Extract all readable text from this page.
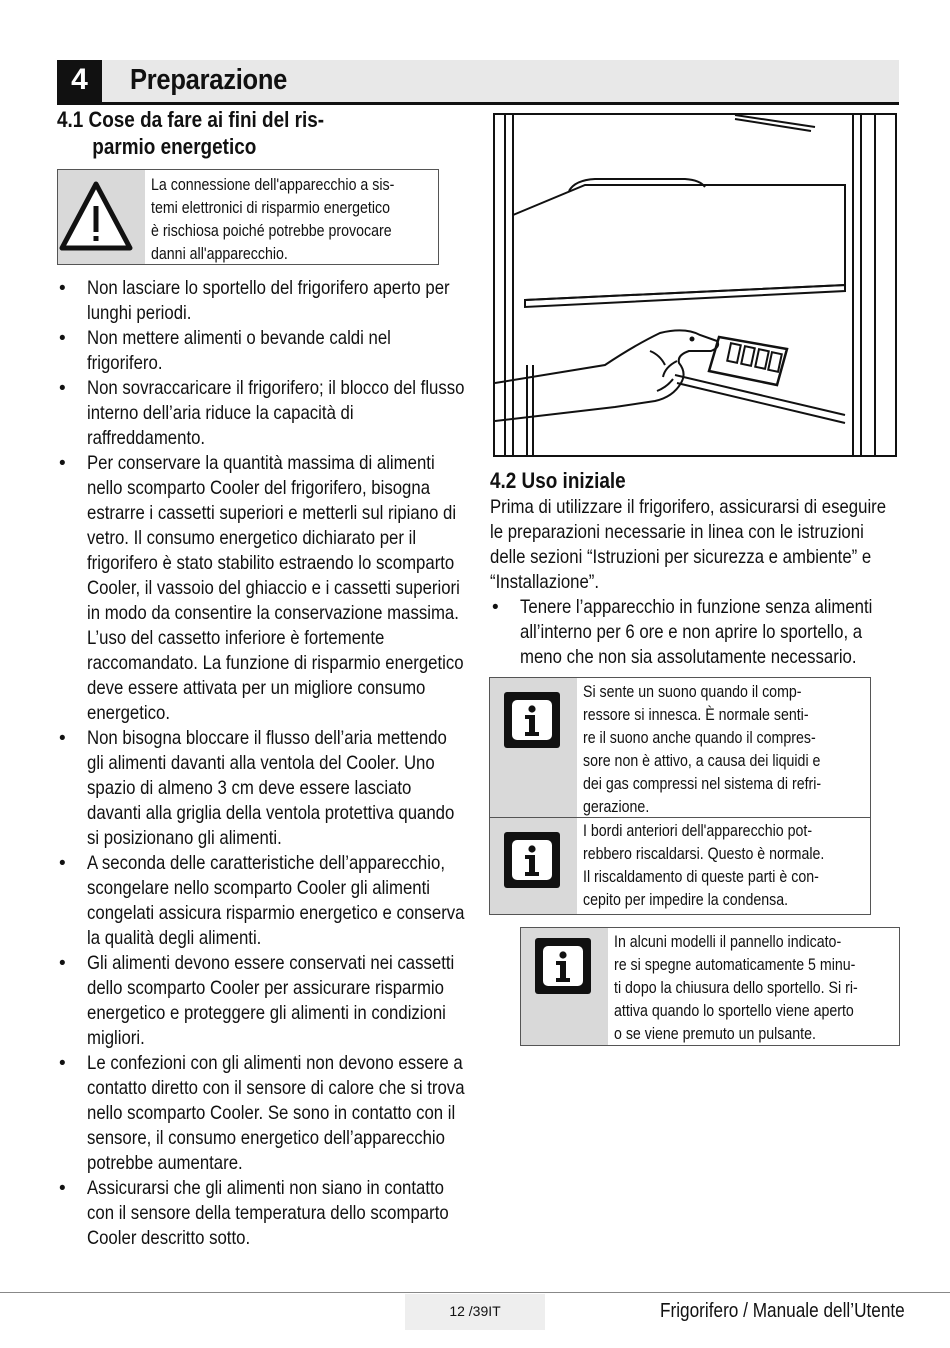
4	Preparazione
4.1 Cose da fare ai fini del ris-
parmio energetico
La connessione dell'apparecchio a sis-
temi elettronici di risparmio energetico
è rischiosa poiché potrebbe provocare
danni all'apparecchio.
• Non lasciare lo sportello del frigorifero aperto per lunghi periodi.
• Non mettere alimenti o bevande caldi nel frigorifero.
• Non sovraccaricare il frigorifero; il blocco del flusso interno dell’aria riduce la capacità di raffreddamento.
• Per conservare la quantità massima di alimenti nello scomparto Cooler del frigorifero, bisogna estrarre i cassetti superiori e metterli sul ripiano di vetro. Il consumo energetico dichiarato per il frigorifero è stato stabilito estraendo lo scomparto Cooler, il vassoio del ghiaccio e i cassetti superiori in modo da consentire la conservazione massima. L’uso del cassetto inferiore è fortemente raccomandato. La funzione di risparmio energetico deve essere attivata per un migliore consumo energetico.
• Non bisogna bloccare il flusso dell’aria mettendo gli alimenti davanti alla ventola del Cooler. Uno spazio di almeno 3 cm deve essere lasciato davanti alla griglia della ventola protettiva quando si posizionano gli alimenti.
• A seconda delle caratteristiche dell’apparecchio, scongelare nello scomparto Cooler gli alimenti congelati assicura risparmio energetico e conserva la qualità degli alimenti.
• Gli alimenti devono essere conservati nei cassetti dello scomparto Cooler per assicurare risparmio energetico e proteggere gli alimenti in condizioni migliori.
• Le confezioni con gli alimenti non devono essere a contatto diretto con il sensore di calore che si trova nello scomparto Cooler. Se sono in contatto con il sensore, il consumo energetico dell’apparecchio potrebbe aumentare.
• Assicurarsi che gli alimenti non siano in contatto con il sensore della temperatura dello scomparto Cooler descritto sotto.
4.2 Uso iniziale
Prima di utilizzare il frigorifero, assicurarsi di eseguire le preparazioni necessarie in linea con le istruzioni delle sezioni “Istruzioni per sicurezza e ambiente” e “Installazione”.
• Tenere l’apparecchio in funzione senza alimenti all’interno per 6 ore e non aprire lo sportello, a meno che non sia assolutamente necessario.
Si sente un suono quando il comp-
ressore si innesca. È normale senti-
re il suono anche quando il compres-
sore non è attivo, a causa dei liquidi e
dei gas compressi nel sistema di refri-
gerazione.
I bordi anteriori dell'apparecchio pot-
rebbero riscaldarsi. Questo è normale.
Il riscaldamento di queste parti è con-
cepito per impedire la condensa.
In alcuni modelli il pannello indicato-
re si spegne automaticamente 5 minu-
ti dopo la chiusura dello sportello. Si ri-
attiva quando lo sportello viene aperto
o se viene premuto un pulsante.
12 /39IT	Frigorifero / Manuale dell’Utente
